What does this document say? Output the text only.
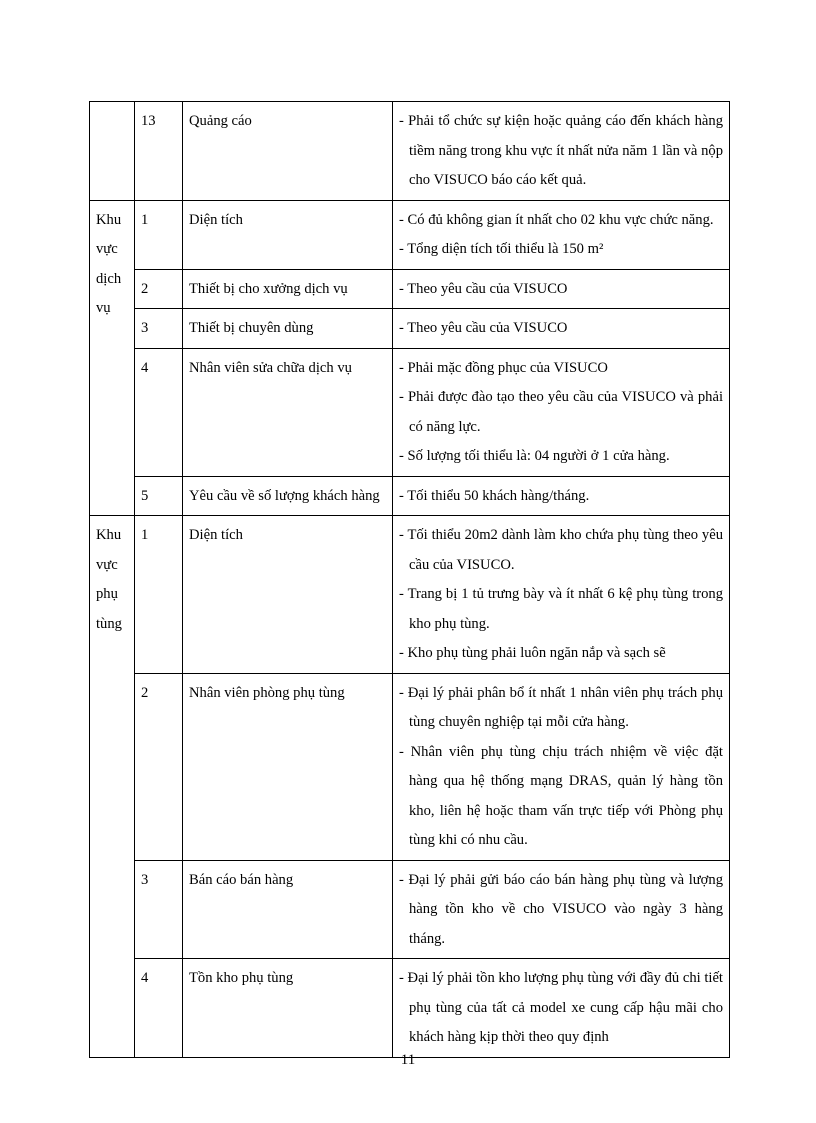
	13	Quảng cáo	- Phải tổ chức sự kiện hoặc quảng cáo đến khách hàng tiềm năng trong khu vực ít nhất nửa năm 1 lần và nộp cho VISUCO báo cáo kết quả.

Khu vực dịch vụ	1	Diện tích	- Có đủ không gian ít nhất cho 02 khu vực chức năng.
- Tổng diện tích tối thiểu là 150 m²

	2	Thiết bị cho xưởng dịch vụ	- Theo yêu cầu của VISUCO

	3	Thiết bị chuyên dùng	- Theo yêu cầu của VISUCO

	4	Nhân viên sửa chữa dịch vụ	- Phải mặc đồng phục của VISUCO
- Phải được đào tạo theo yêu cầu của VISUCO và phải có năng lực.
- Số lượng tối thiểu là: 04 người ở 1 cửa hàng.

	5	Yêu cầu về số lượng khách hàng	- Tối thiểu 50 khách hàng/tháng.

Khu vực phụ tùng	1	Diện tích	- Tối thiểu 20m2 dành làm kho chứa phụ tùng theo yêu cầu của VISUCO.
- Trang bị 1 tủ trưng bày và ít nhất 6 kệ phụ tùng trong kho phụ tùng.
- Kho phụ tùng phải luôn ngăn nắp và sạch sẽ

	2	Nhân viên phòng phụ tùng	- Đại lý phải phân bổ ít nhất 1 nhân viên phụ trách phụ tùng chuyên nghiệp tại mỗi cửa hàng.
- Nhân viên phụ tùng chịu trách nhiệm về việc đặt hàng qua hệ thống mạng DRAS, quản lý hàng tồn kho, liên hệ hoặc tham vấn trực tiếp với Phòng phụ tùng khi có nhu cầu.

	3	Bán cáo bán hàng	- Đại lý phải gửi báo cáo bán hàng phụ tùng và lượng hàng tồn kho về cho VISUCO vào ngày 3 hàng tháng.

	4	Tồn kho phụ tùng	- Đại lý phải tồn kho lượng phụ tùng với đầy đủ chi tiết phụ tùng của tất cả model xe cung cấp hậu mãi cho khách hàng kịp thời theo quy định
11
